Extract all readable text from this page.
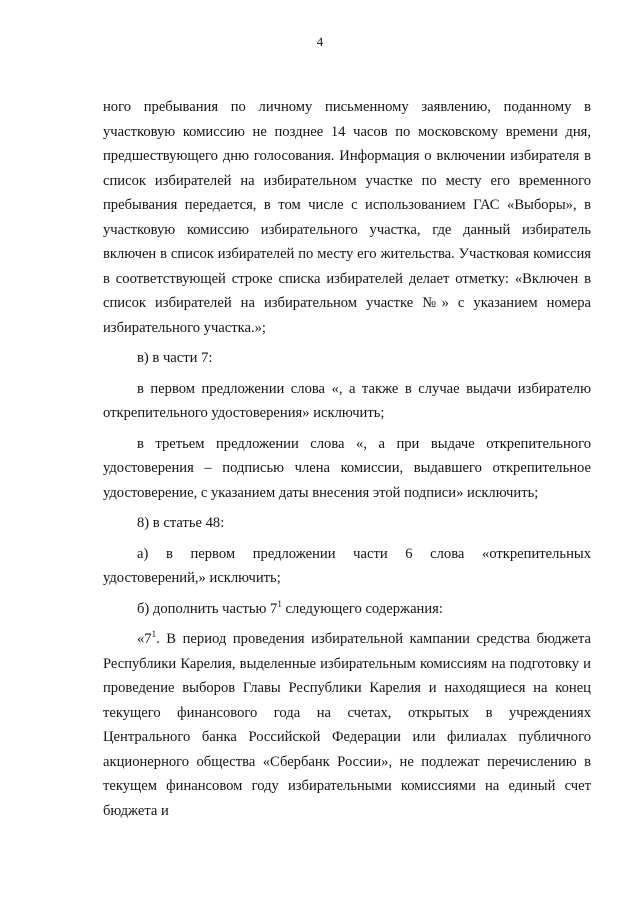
4

ного пребывания по личному письменному заявлению, поданному в участковую комиссию не позднее 14 часов по московскому времени дня, предшествующего дню голосования. Информация о включении избирателя в список избирателей на избирательном участке по месту его временного пребывания передается, в том числе с использованием ГАС «Выборы», в участковую комиссию избирательного участка, где данный избиратель включен в список избирателей по месту его жительства. Участковая комиссия в соответствующей строке списка избирателей делает отметку: «Включен в список избирателей на избирательном участке №» с указанием номера избирательного участка.»;

в) в части 7:

в первом предложении слова «, а также в случае выдачи избирателю открепительного удостоверения» исключить;

в третьем предложении слова «, а при выдаче открепительного удостоверения – подписью члена комиссии, выдавшего открепительное удостоверение, с указанием даты внесения этой подписи» исключить;

8) в статье 48:

а) в первом предложении части 6 слова «открепительных удостоверений,» исключить;

б) дополнить частью $7^1$ следующего содержания:

«$7^1$. В период проведения избирательной кампании средства бюджета Республики Карелия, выделенные избирательным комиссиям на подготовку и проведение выборов Главы Республики Карелия и находящиеся на конец текущего финансового года на счетах, открытых в учреждениях Центрального банка Российской Федерации или филиалах публичного акционерного общества «Сбербанк России», не подлежат перечислению в текущем финансовом году избирательными комиссиями на единый счет бюджета и
